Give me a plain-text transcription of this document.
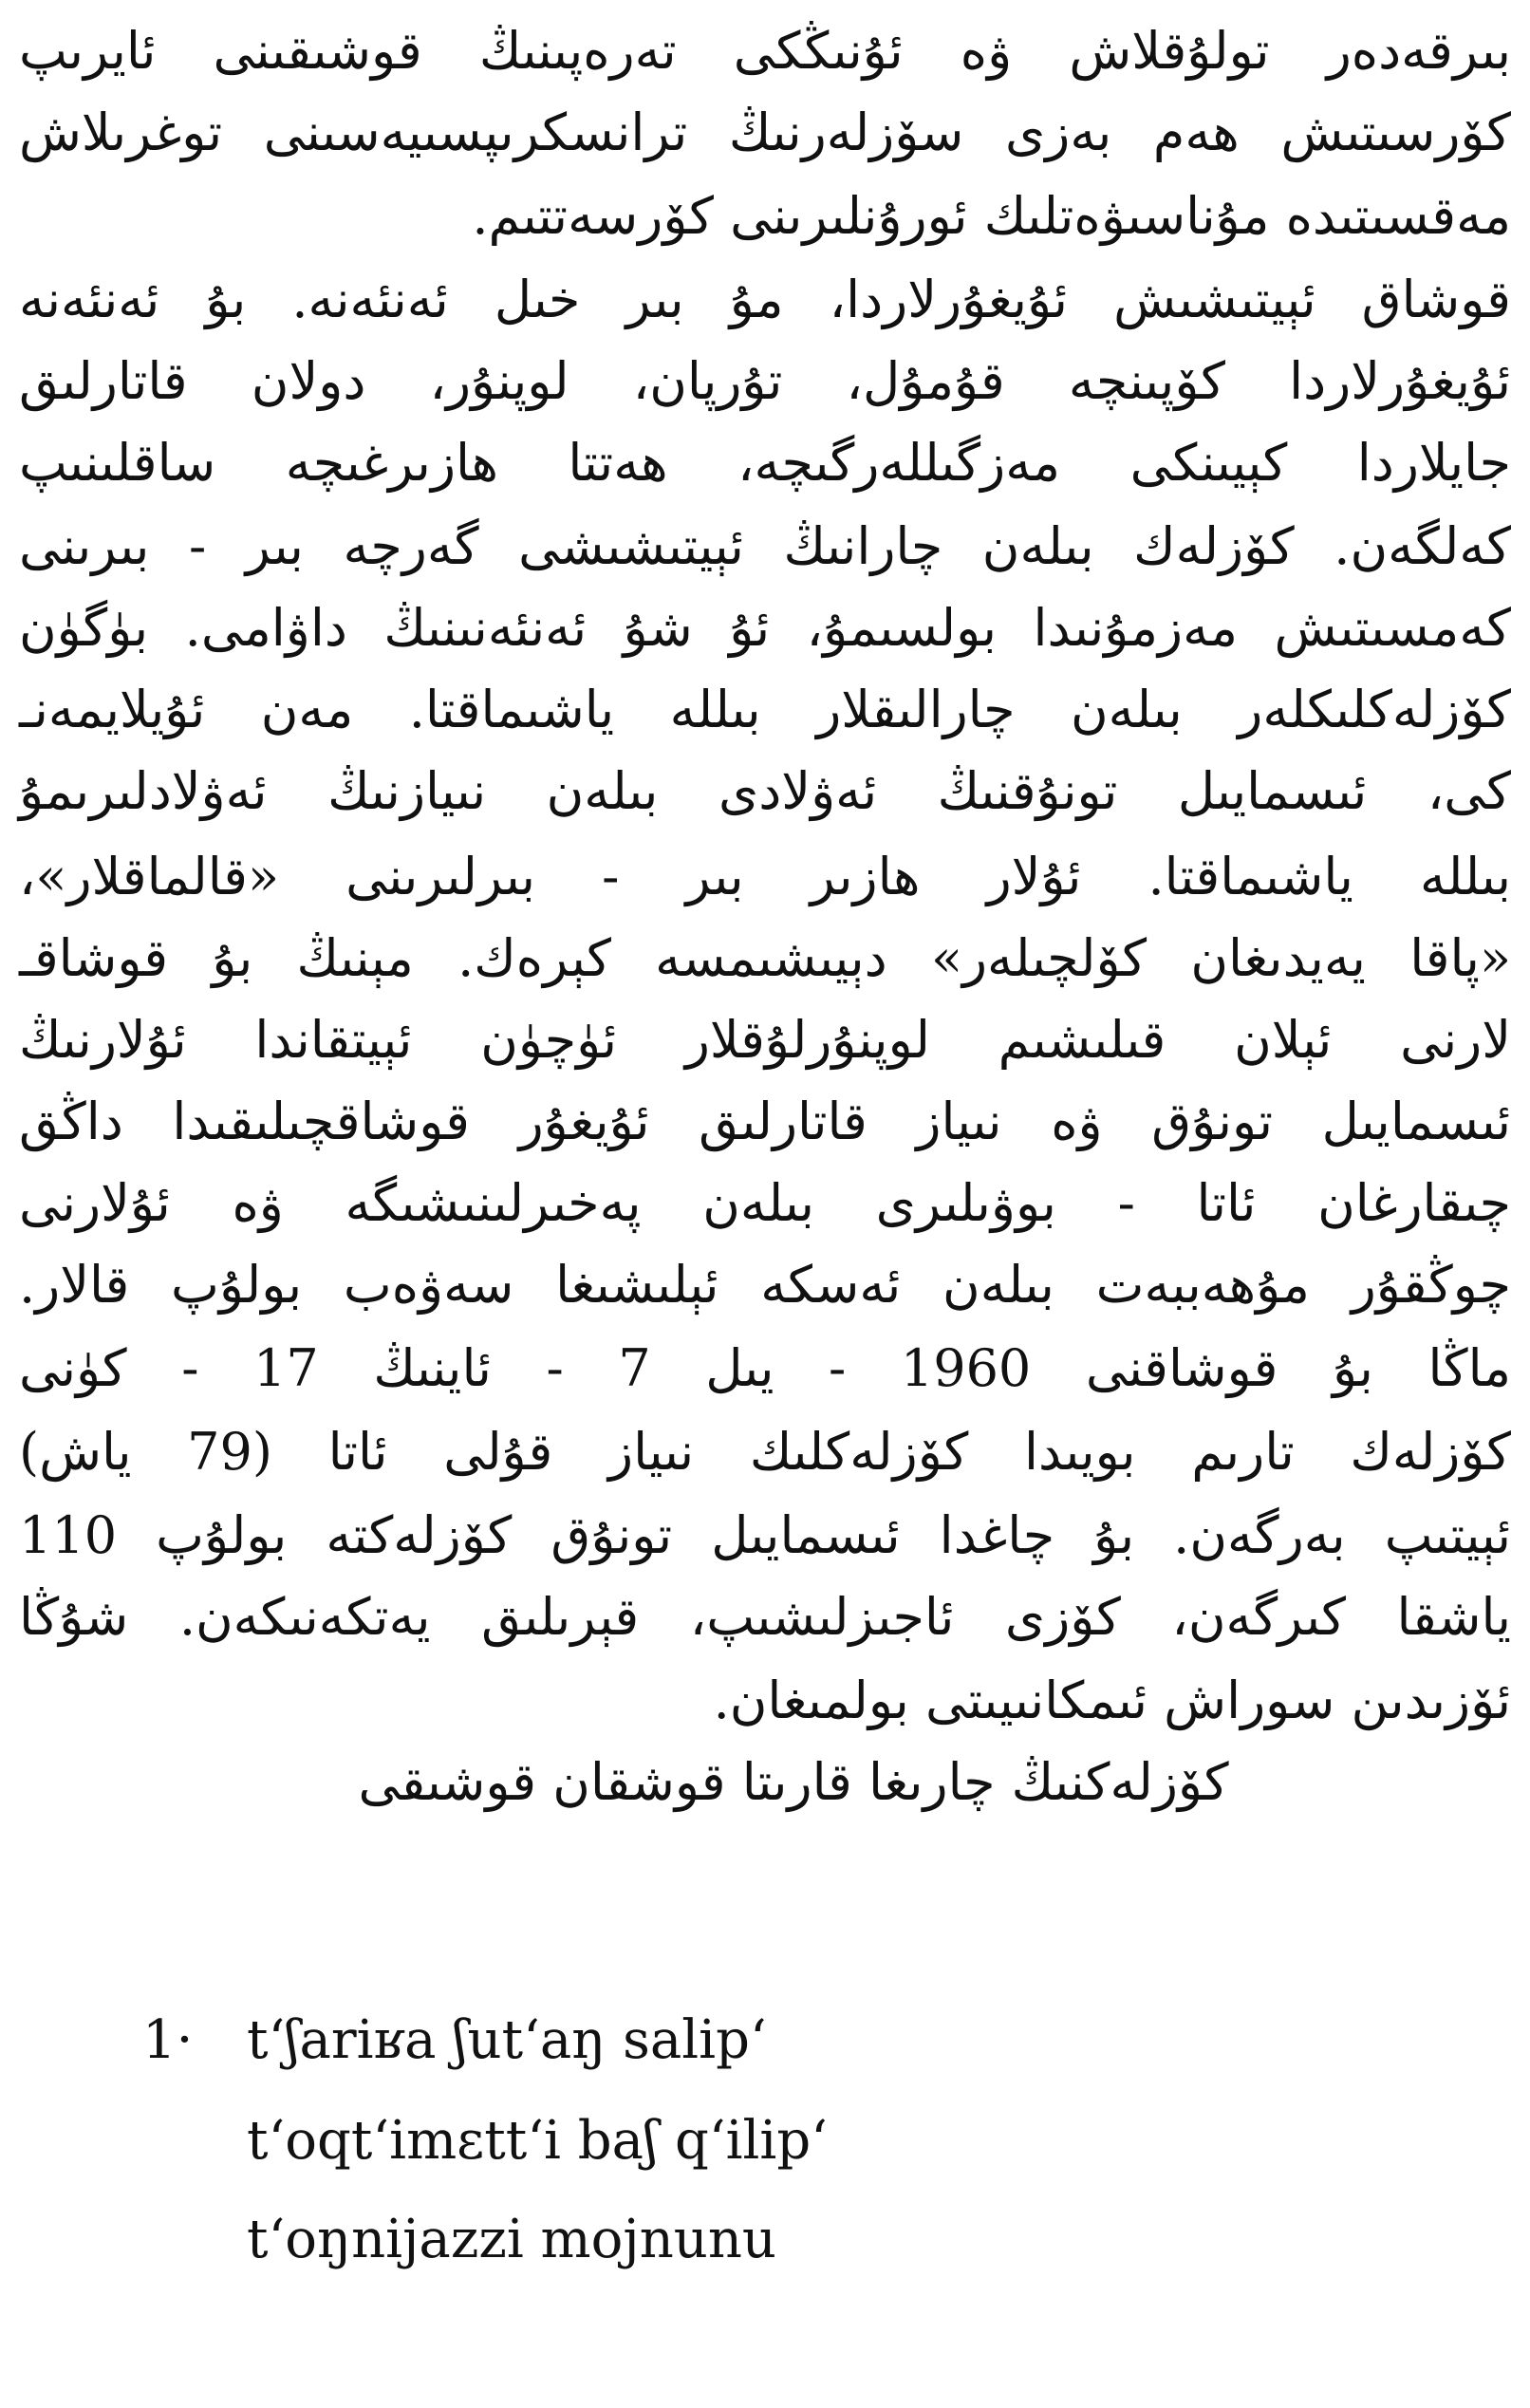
بىرقەدەر تولۇقلاش ۋە ئۇنىڭكى تەرەپىنىڭ قوشىقىنى ئايرىپ
كۆرسىتىش ھەم بەزى سۆزلەرنىڭ ترانسكرىپسىيەسىنى توغرىلاش
مەقسىتىدە مۇناسىۋەتلىك ئورۇنلىرىنى كۆرسەتتىم.
قوشاق ئېيتىشىش ئۇيغۇرلاردا، مۇ بىر خىل ئەنئەنە. بۇ ئەنئەنە
ئۇيغۇرلاردا كۆپىنچە قۇمۇل، تۇرپان، لوپنۇر، دولان قاتارلىق
جايلاردا كېيىنكى مەزگىللەرگىچە، ھەتتا ھازىرغىچە ساقلىنىپ
كەلگەن. كۆزلەك بىلەن چارانىڭ ئېيتىشىشى گەرچە بىر - بىرىنى
كەمسىتىش مەزمۇنىدا بولسىمۇ، ئۇ شۇ ئەنئەنىنىڭ داۋامى. بۈگۈن
كۆزلەكلىكلەر بىلەن چارالىقلار بىللە ياشىماقتا. مەن ئۇيلايمەنـ
كى، ئىسمايىل تونۇقنىڭ ئەۋلادى بىلەن نىيازنىڭ ئەۋلادلىرىمۇ
بىللە ياشىماقتا. ئۇلار ھازىر بىر - بىرلىرىنى «قالماقلار»،
«پاقا يەيدىغان كۆلچىلەر» دېيىشىمسە كېرەك. مېنىڭ بۇ قوشاقـ
لارنى ئېلان قىلىشىم لوپنۇرلۇقلار ئۈچۈن ئېيتقاندا ئۇلارنىڭ
ئىسمايىل تونۇق ۋە نىياز قاتارلىق ئۇيغۇر قوشاقچىلىقىدا داڭق
چىقارغان ئاتا - بوۋىلىرى بىلەن پەخىرلىنىشىگە ۋە ئۇلارنى
چوڭقۇر مۇھەببەت بىلەن ئەسكە ئېلىشىغا سەۋەب بولۇپ قالار.
ماڭا بۇ قوشاقنى 1960 - يىل 7 - ئاينىڭ 17 - كۈنى
كۆزلەك تارىم بويىدا كۆزلەكلىك نىياز قۇلى ئاتا (79 ياش)
ئېيتىپ بەرگەن. بۇ چاغدا ئىسمايىل تونۇق كۆزلەكتە بولۇپ 110
ياشقا كىرگەن، كۆزى ئاجىزلىشىپ، قېرىلىق يەتكەنىكەن. شۇڭا
ئۆزىدىن سوراش ئىمكانىيىتى بولمىغان.
كۆزلەكنىڭ چارىغا قارىتا قوشقان قوشىقى
1· t‘ʃariʁa ʃut‘aŋ salip‘
t‘oqt‘imɛtt‘i baʃ q‘ilip‘
t‘oŋnijazzi mojnunu
